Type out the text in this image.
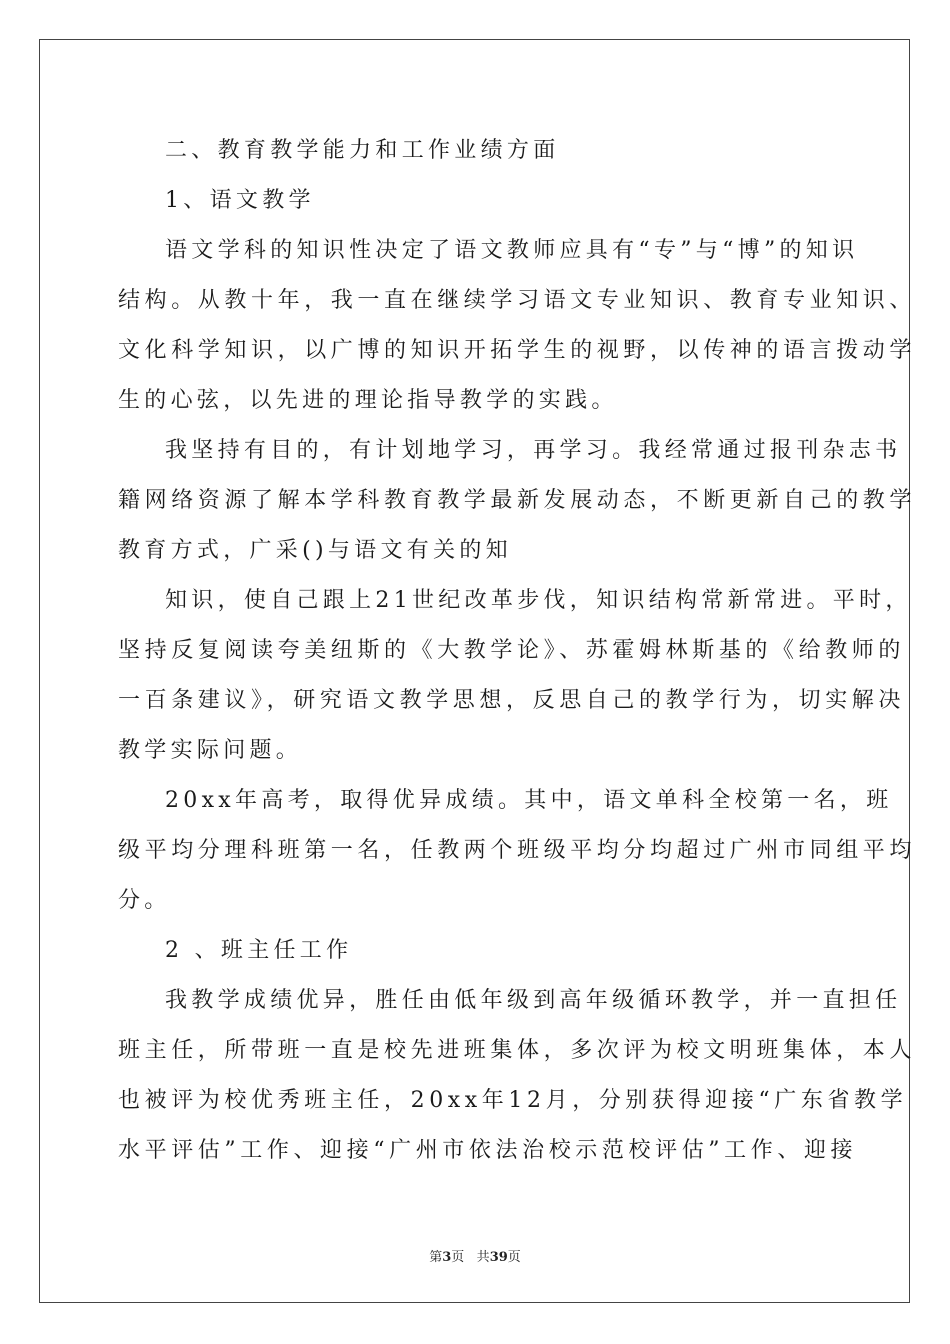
二、教育教学能力和工作业绩方面
1、语文教学
语文学科的知识性决定了语文教师应具有“专”与“博”的知识
结构。从教十年，我一直在继续学习语文专业知识、教育专业知识、
文化科学知识，以广博的知识开拓学生的视野，以传神的语言拨动学
生的心弦，以先进的理论指导教学的实践。
我坚持有目的，有计划地学习，再学习。我经常通过报刊杂志书
籍网络资源了解本学科教育教学最新发展动态，不断更新自己的教学
教育方式，广采()与语文有关的知
知识，使自己跟上21世纪改革步伐，知识结构常新常进。平时，
坚持反复阅读夸美纽斯的《大教学论》、苏霍姆林斯基的《给教师的
一百条建议》，研究语文教学思想，反思自己的教学行为，切实解决
教学实际问题。
20xx年高考，取得优异成绩。其中，语文单科全校第一名，班
级平均分理科班第一名，任教两个班级平均分均超过广州市同组平均
分。
2 、班主任工作
我教学成绩优异，胜任由低年级到高年级循环教学，并一直担任
班主任，所带班一直是校先进班集体，多次评为校文明班集体，本人
也被评为校优秀班主任，20xx年12月，分别获得迎接“广东省教学
水平评估”工作、迎接“广州市依法治校示范校评估”工作、迎接
第3页 共39页
